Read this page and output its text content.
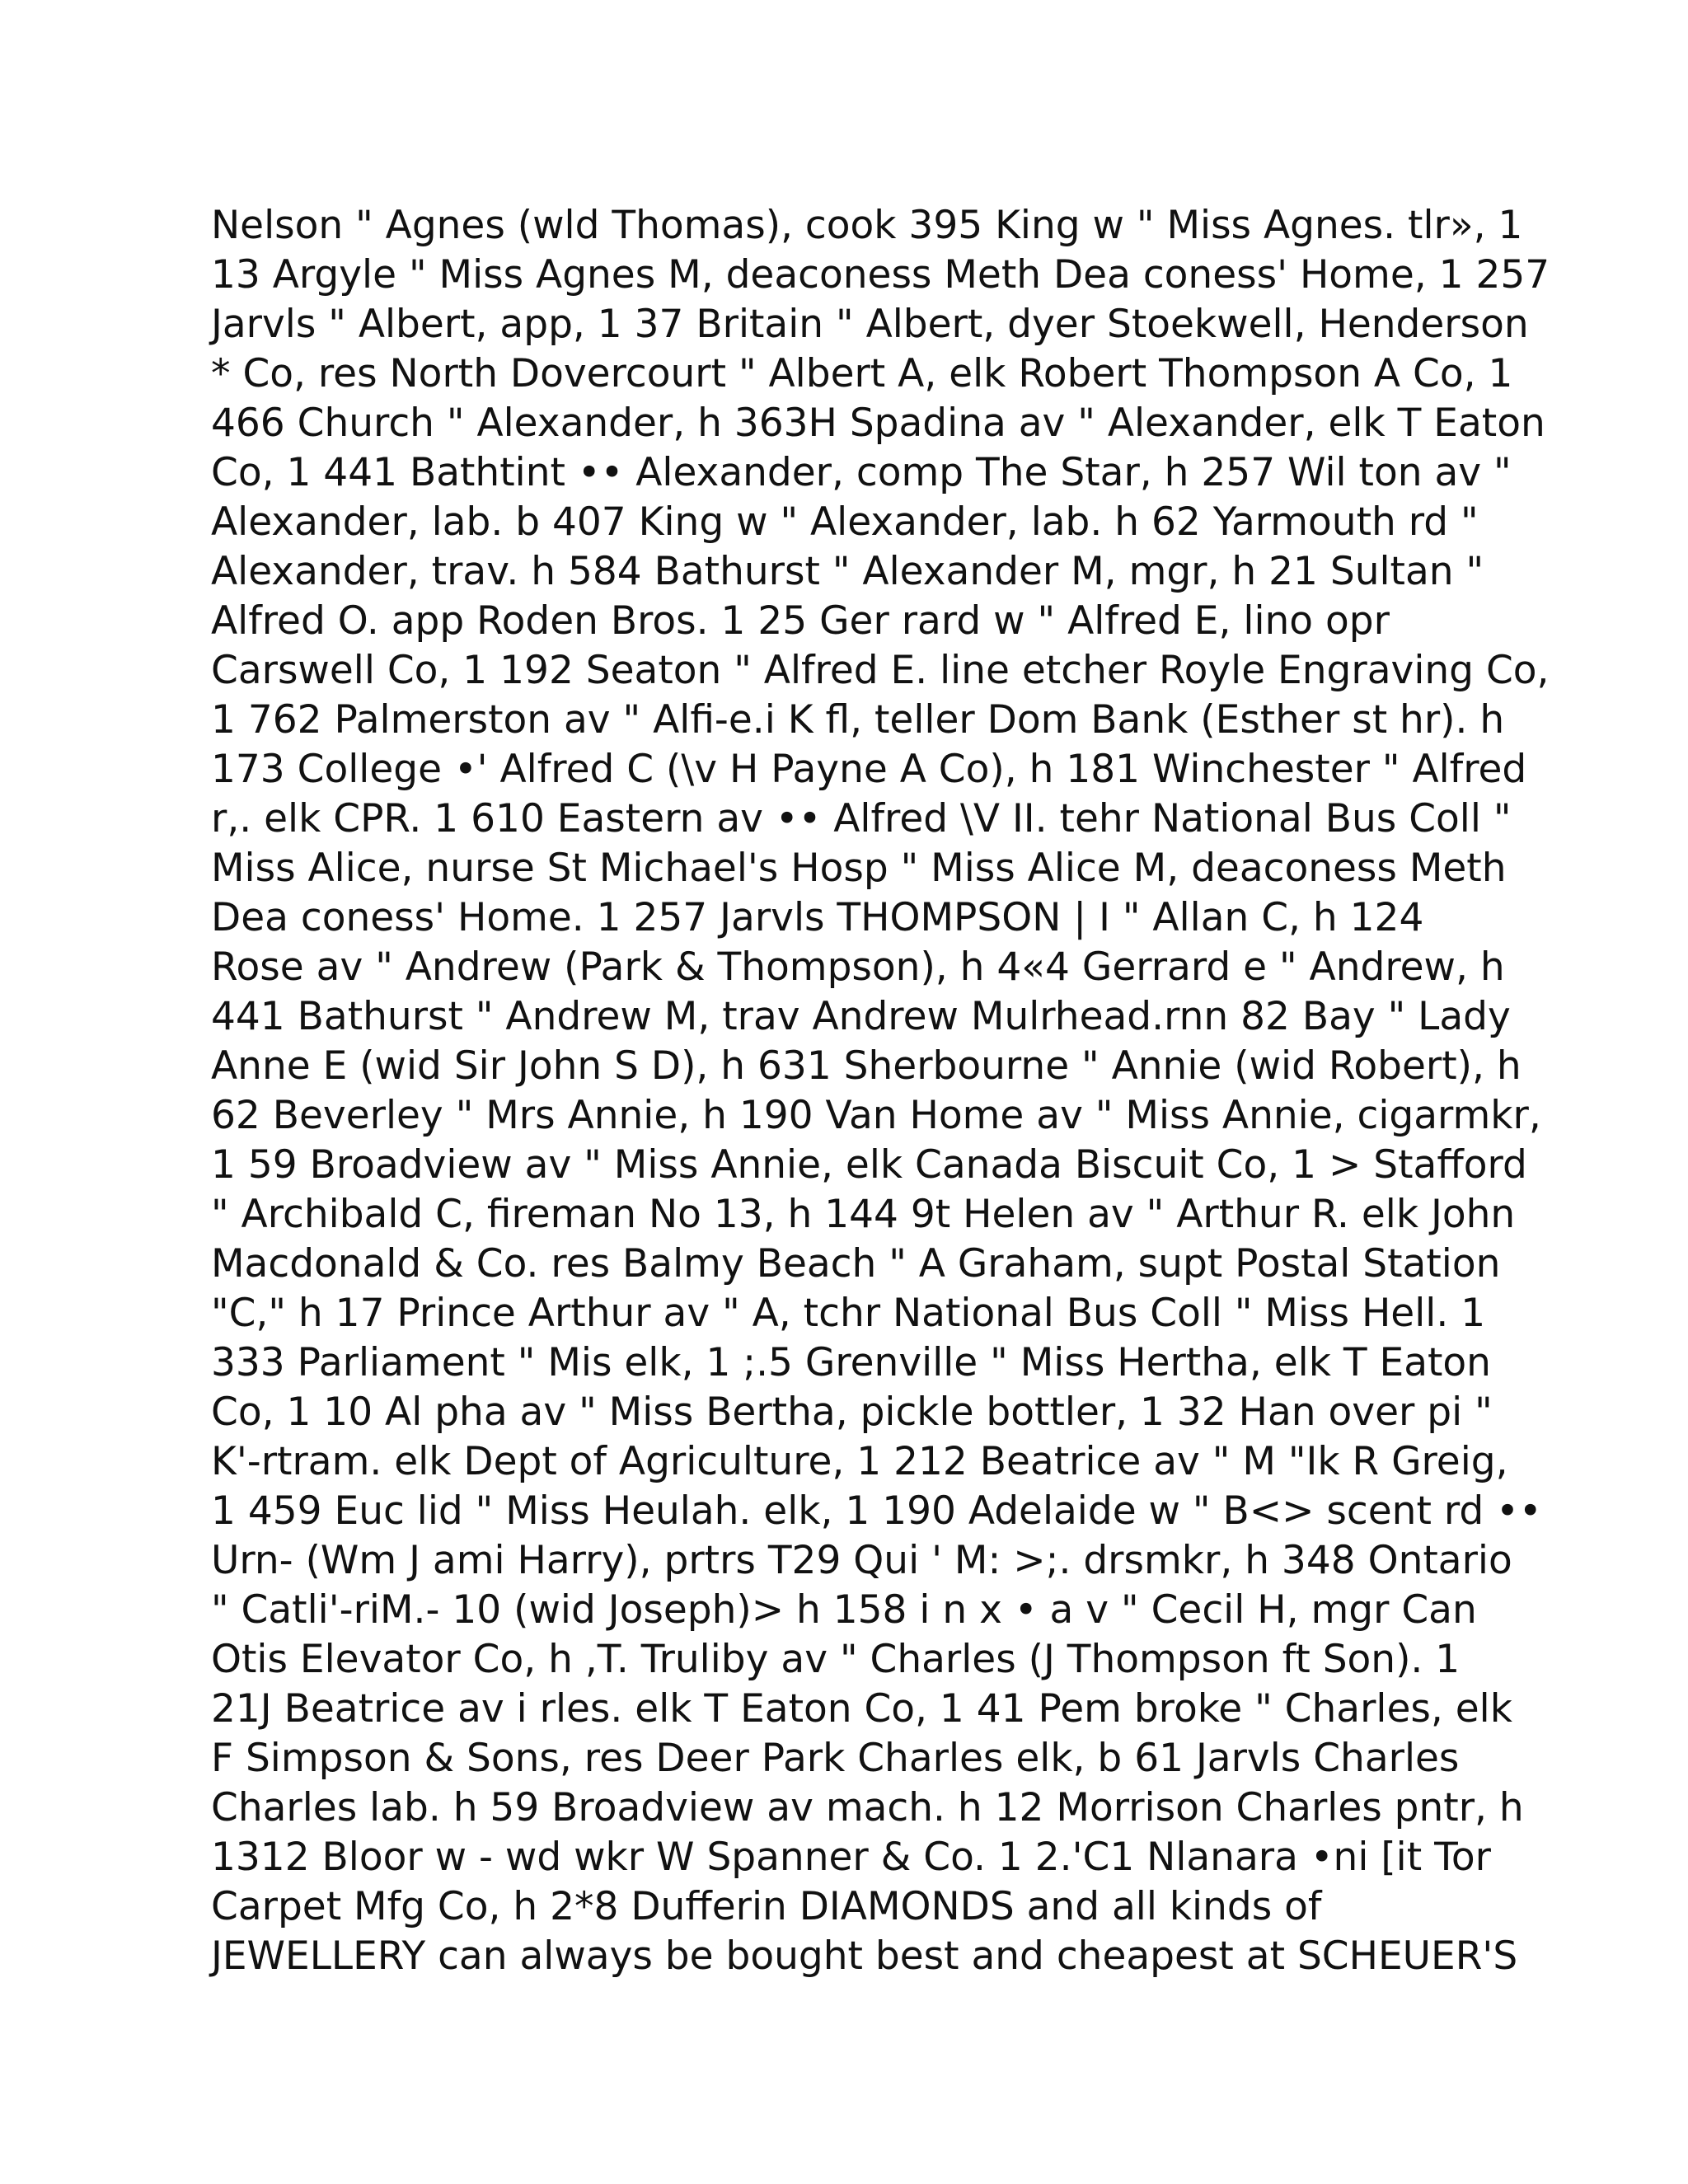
Nelson " Agnes (wld Thomas), cook 395 King w " Miss Agnes. tlr», 1
13 Argyle " Miss Agnes M, deaconess Meth Dea coness' Home, 1 257
Jarvls " Albert, app, 1 37 Britain " Albert, dyer Stoekwell, Henderson
* Co, res North Dovercourt " Albert A, elk Robert Thompson A Co, 1
466 Church " Alexander, h 363H Spadina av " Alexander, elk T Eaton
Co, 1 441 Bathtint •• Alexander, comp The Star, h 257 Wil ton av "
Alexander, lab. b 407 King w " Alexander, lab. h 62 Yarmouth rd "
Alexander, trav. h 584 Bathurst " Alexander M, mgr, h 21 Sultan "
Alfred O. app Roden Bros. 1 25 Ger rard w " Alfred E, lino opr
Carswell Co, 1 192 Seaton " Alfred E. line etcher Royle Engraving Co,
1 762 Palmerston av " Alfi-e.i K fl, teller Dom Bank (Esther st hr). h
173 College •' Alfred C (\v H Payne A Co), h 181 Winchester " Alfred
r,. elk CPR. 1 610 Eastern av •• Alfred \V II. tehr National Bus Coll "
Miss Alice, nurse St Michael's Hosp " Miss Alice M, deaconess Meth
Dea coness' Home. 1 257 Jarvls THOMPSON | I " Allan C, h 124
Rose av " Andrew (Park & Thompson), h 4«4 Gerrard e " Andrew, h
441 Bathurst " Andrew M, trav Andrew Mulrhead.rnn 82 Bay " Lady
Anne E (wid Sir John S D), h 631 Sherbourne " Annie (wid Robert), h
62 Beverley " Mrs Annie, h 190 Van Home av " Miss Annie, cigarmkr,
1 59 Broadview av " Miss Annie, elk Canada Biscuit Co, 1 > Stafford
" Archibald C, fireman No 13, h 144 9t Helen av " Arthur R. elk John
Macdonald & Co. res Balmy Beach " A Graham, supt Postal Station
"C," h 17 Prince Arthur av " A, tchr National Bus Coll " Miss Hell. 1
333 Parliament " Mis elk, 1 ;.5 Grenville " Miss Hertha, elk T Eaton
Co, 1 10 Al pha av " Miss Bertha, pickle bottler, 1 32 Han over pi "
K'-rtram. elk Dept of Agriculture, 1 212 Beatrice av " M "Ik R Greig,
1 459 Euc lid " Miss Heulah. elk, 1 190 Adelaide w " B<> scent rd ••
Urn- (Wm J ami Harry), prtrs T29 Qui ' M: >;. drsmkr, h 348 Ontario
" Catli'-riM.- 10 (wid Joseph)> h 158 i n x • a v " Cecil H, mgr Can
Otis Elevator Co, h ,T. Truliby av " Charles (J Thompson ft Son). 1
21J Beatrice av i rles. elk T Eaton Co, 1 41 Pem broke " Charles, elk
F Simpson & Sons, res Deer Park Charles elk, b 61 Jarvls Charles
Charles lab. h 59 Broadview av mach. h 12 Morrison Charles pntr, h
1312 Bloor w - wd wkr W Spanner & Co. 1 2.'C1 Nlanara •ni [it Tor
Carpet Mfg Co, h 2*8 Dufferin DIAMONDS and all kinds of
JEWELLERY can always be bought best and cheapest at SCHEUER'S
